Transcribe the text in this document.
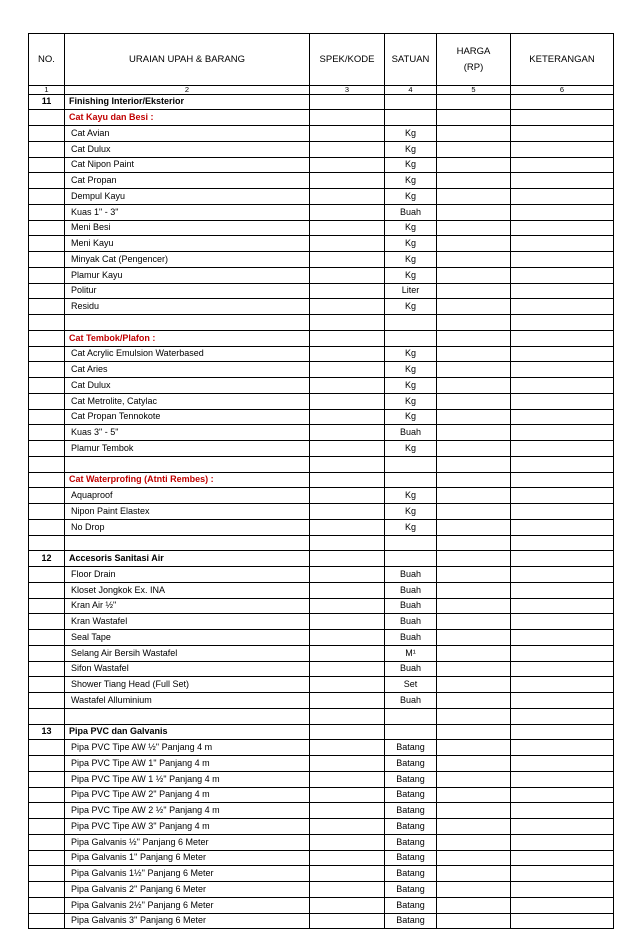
NO.	URAIAN UPAH & BARANG	SPEK/KODE	SATUAN	HARGA
(RP)	KETERANGAN
1	2	3	4	5	6
11	Finishing Interior/Eksterior				
	Cat Kayu dan Besi :				
	Cat Avian		Kg		
	Cat Dulux		Kg		
	Cat Nipon Paint		Kg		
	Cat Propan		Kg		
	Dempul Kayu		Kg		
	Kuas 1" - 3"		Buah		
	Meni Besi		Kg		
	Meni Kayu		Kg		
	Minyak Cat (Pengencer)		Kg		
	Plamur Kayu		Kg		
	Politur		Liter		
	Residu		Kg		

	Cat Tembok/Plafon :				
	Cat Acrylic Emulsion Waterbased		Kg		
	Cat Aries		Kg		
	Cat Dulux		Kg		
	Cat Metrolite, Catylac		Kg		
	Cat Propan Tennokote		Kg		
	Kuas 3" - 5"		Buah		
	Plamur Tembok		Kg		

	Cat Waterprofing (Atnti Rembes) :				
	Aquaproof		Kg		
	Nipon Paint Elastex		Kg		
	No Drop		Kg		

12	Accesoris Sanitasi Air				
	Floor Drain		Buah		
	Kloset Jongkok Ex. INA		Buah		
	Kran Air ½"		Buah		
	Kran Wastafel		Buah		
	Seal Tape		Buah		
	Selang Air Bersih Wastafel		M¹		
	Sifon Wastafel		Buah		
	Shower Tiang Head (Full Set)		Set		
	Wastafel Alluminium		Buah		

13	Pipa PVC dan Galvanis				
	Pipa PVC Tipe AW ½'' Panjang 4 m		Batang		
	Pipa PVC Tipe AW 1'' Panjang 4 m		Batang		
	Pipa PVC Tipe AW 1 ½'' Panjang 4 m		Batang		
	Pipa PVC Tipe AW 2'' Panjang 4 m		Batang		
	Pipa PVC Tipe AW 2 ½'' Panjang 4 m		Batang		
	Pipa PVC Tipe AW 3'' Panjang 4 m		Batang		
	Pipa Galvanis ½'' Panjang 6 Meter		Batang		
	Pipa Galvanis 1'' Panjang 6 Meter		Batang		
	Pipa Galvanis 1½'' Panjang 6 Meter		Batang		
	Pipa Galvanis 2'' Panjang 6 Meter		Batang		
	Pipa Galvanis 2½'' Panjang 6 Meter		Batang		
	Pipa Galvanis 3'' Panjang 6 Meter		Batang		
